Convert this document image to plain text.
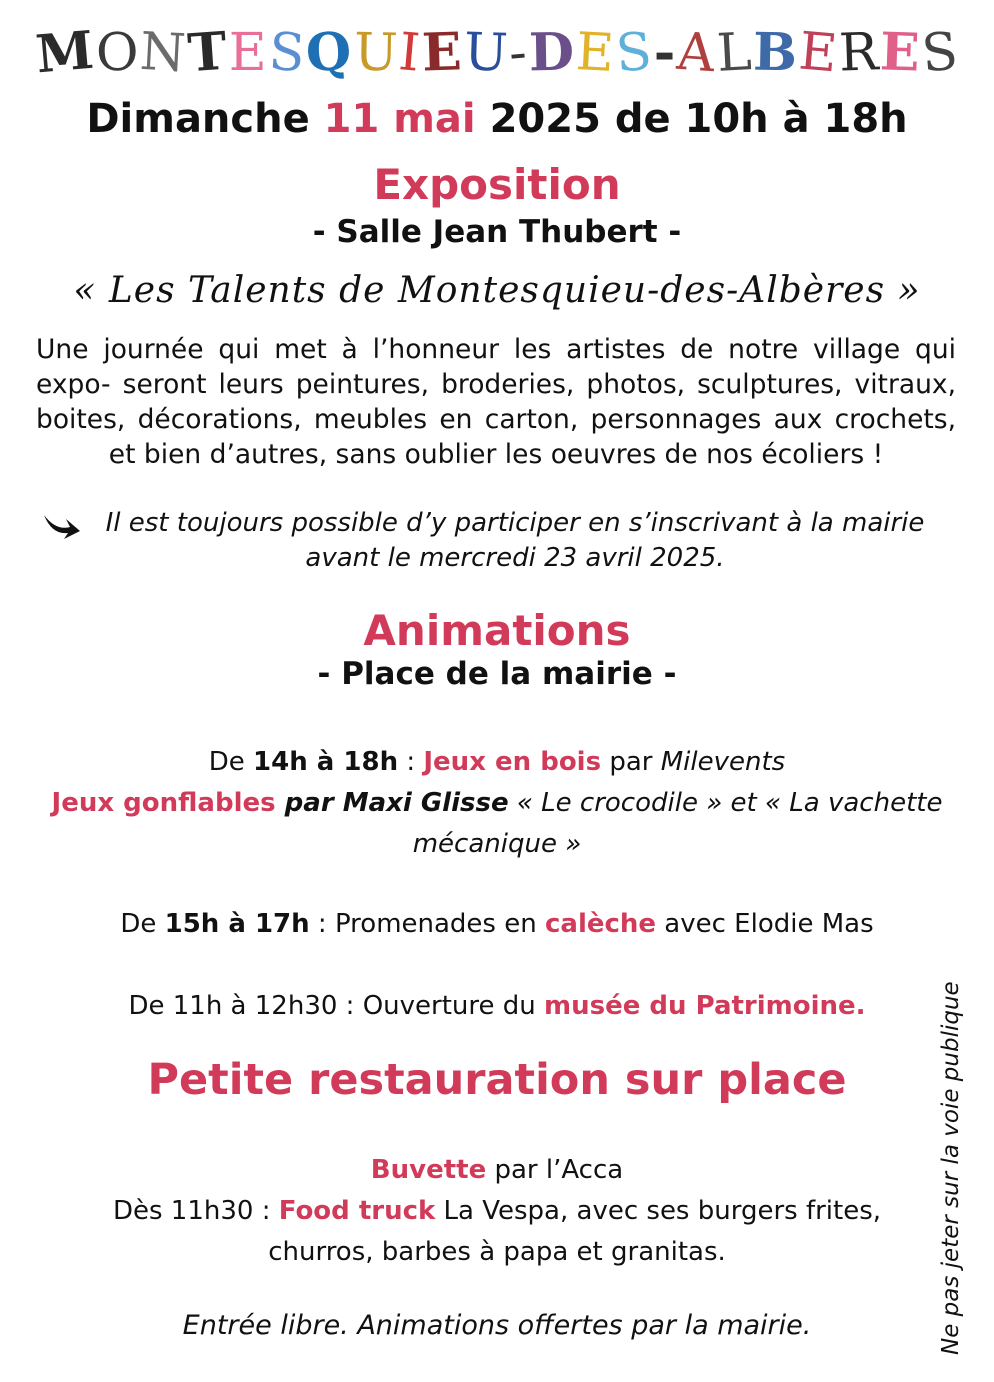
M
O N
T E S
Q U
I
E U
-
D E
S - A
L B
E
R E
S
Dimanche 11 mai 2025 de 10h à 18h
Exposition
- Salle Jean Thubert -
« Les Talents de Montesquieu-des-Albères »
Une journée qui met à l’honneur les artistes de notre village qui expo- seront leurs peintures, broderies, photos, sculptures, vitraux, boites, décorations, meubles en carton, personnages aux crochets, et bien d’autres, sans oublier les oeuvres de nos écoliers !
Il est toujours possible d’y participer en s’inscrivant à la mairie
avant le mercredi 23 avril 2025.
Animations
- Place de la mairie -
De 14h à 18h : Jeux en bois par Milevents
Jeux gonflables par Maxi Glisse « Le crocodile » et « La vachette mécanique »
De 15h à 17h : Promenades en calèche avec Elodie Mas
De 11h à 12h30 : Ouverture du musée du Patrimoine.
Petite restauration sur place
Buvette par l’Acca
Dès 11h30 : Food truck La Vespa, avec ses burgers frites,
churros, barbes à papa et granitas.
Entrée libre. Animations offertes par la mairie.	Ne pas jeter sur la voie publique
